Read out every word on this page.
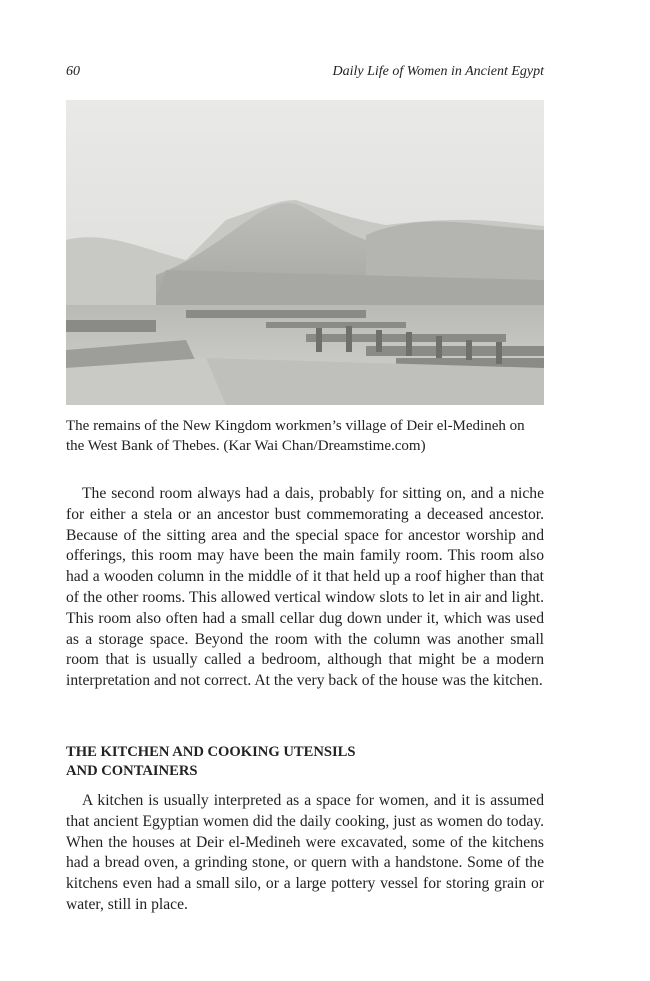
60	Daily Life of Women in Ancient Egypt
The remains of the New Kingdom workmen’s village of Deir el-Medineh on the West Bank of Thebes. (Kar Wai Chan/Dreamstime.com)

The second room always had a dais, probably for sitting on, and a niche for either a stela or an ancestor bust commemorating a deceased ancestor. Because of the sitting area and the special space for ancestor worship and offerings, this room may have been the main family room. This room also had a wooden column in the middle of it that held up a roof higher than that of the other rooms. This allowed vertical window slots to let in air and light. This room also often had a small cellar dug down under it, which was used as a storage space. Beyond the room with the column was another small room that is usually called a bedroom, although that might be a modern interpretation and not correct. At the very back of the house was the kitchen.

THE KITCHEN AND COOKING UTENSILS
AND CONTAINERS

A kitchen is usually interpreted as a space for women, and it is assumed that ancient Egyptian women did the daily cooking, just as women do today. When the houses at Deir el-Medineh were excavated, some of the kitchens had a bread oven, a grinding stone, or quern with a handstone. Some of the kitchens even had a small silo, or a large pottery vessel for storing grain or water, still in place.
